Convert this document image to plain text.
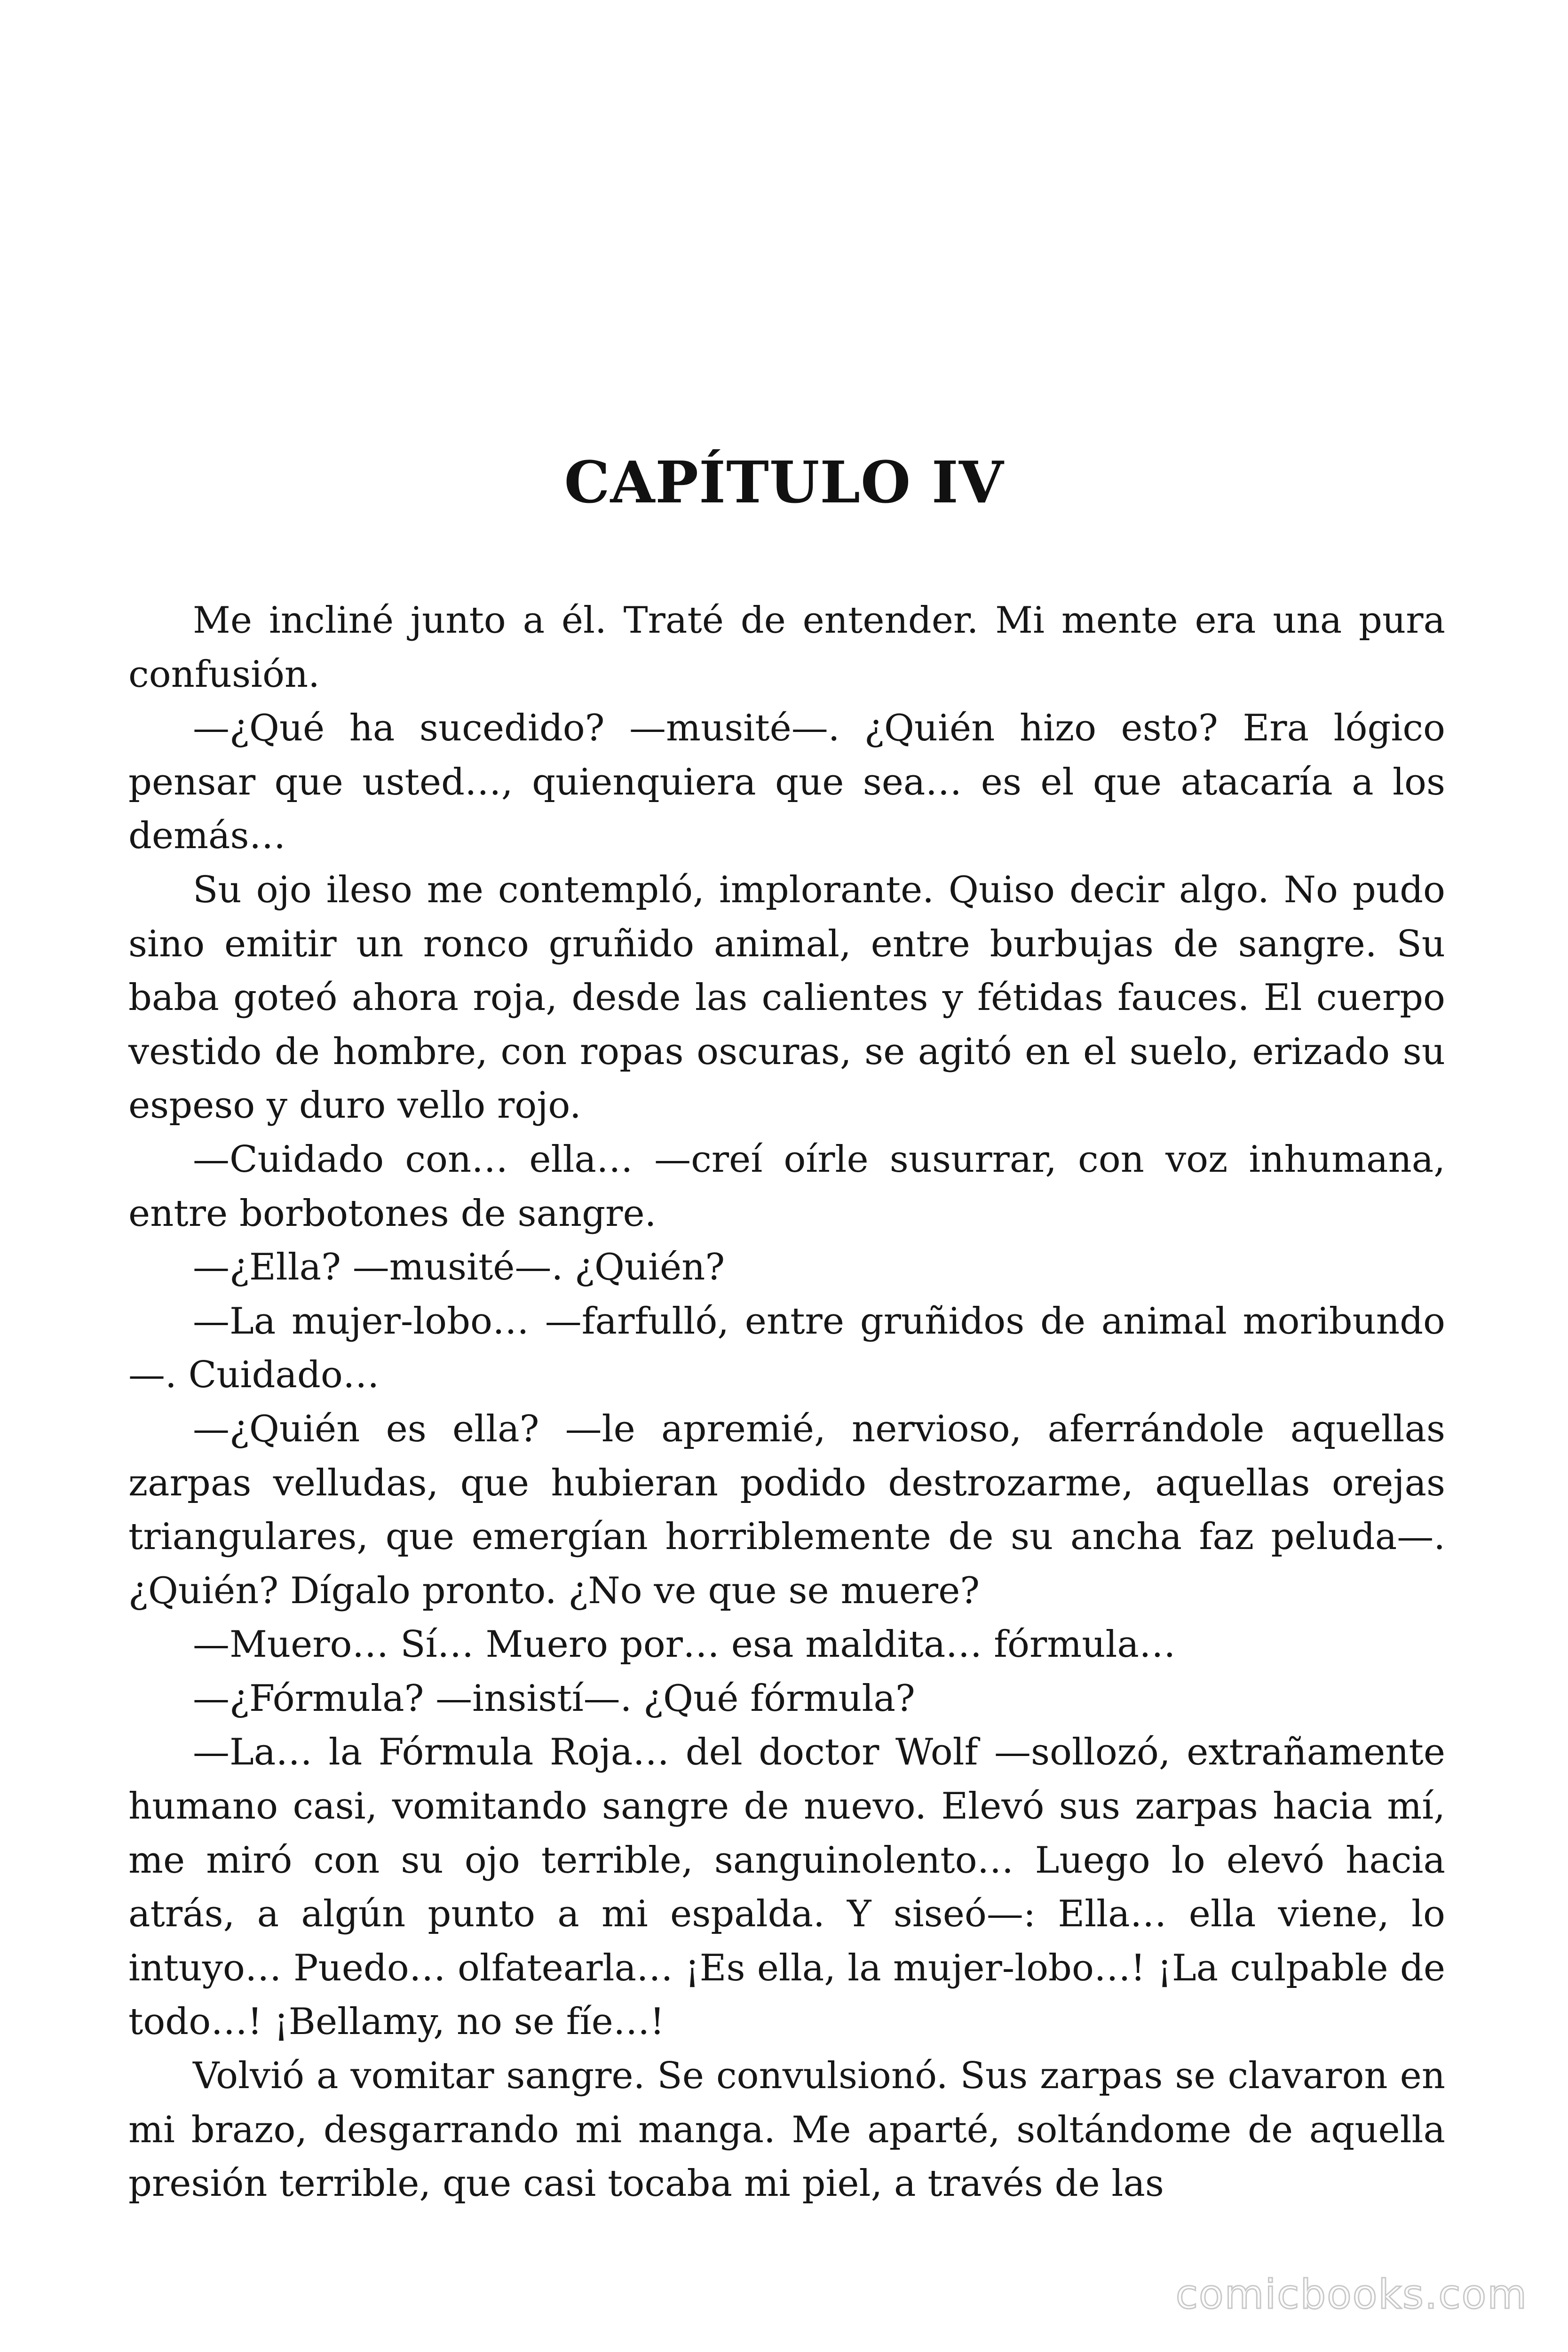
CAPÍTULO IV

Me incliné junto a él. Traté de entender. Mi mente era una pura confusión.

—¿Qué ha sucedido? —musité—. ¿Quién hizo esto? Era lógico pensar que usted…, quienquiera que sea… es el que atacaría a los demás…

Su ojo ileso me contempló, implorante. Quiso decir algo. No pudo sino emitir un ronco gruñido animal, entre burbujas de sangre. Su baba goteó ahora roja, desde las calientes y fétidas fauces. El cuerpo vestido de hombre, con ropas oscuras, se agitó en el suelo, erizado su espeso y duro vello rojo.

—Cuidado con… ella… —creí oírle susurrar, con voz inhumana, entre borbotones de sangre.

—¿Ella? —musité—. ¿Quién?

—La mujer-lobo… —farfulló, entre gruñidos de animal moribundo—. Cuidado…

—¿Quién es ella? —le apremié, nervioso, aferrándole aquellas zarpas velludas, que hubieran podido destrozarme, aquellas orejas triangulares, que emergían horriblemente de su ancha faz peluda—. ¿Quién? Dígalo pronto. ¿No ve que se muere?

—Muero… Sí… Muero por… esa maldita… fórmula…

—¿Fórmula? —insistí—. ¿Qué fórmula?

—La… la Fórmula Roja… del doctor Wolf —sollozó, extrañamente humano casi, vomitando sangre de nuevo. Elevó sus zarpas hacia mí, me miró con su ojo terrible, sanguinolento… Luego lo elevó hacia atrás, a algún punto a mi espalda. Y siseó—: Ella… ella viene, lo intuyo… Puedo… olfatearla… ¡Es ella, la mujer-lobo…! ¡La culpable de todo…! ¡Bellamy, no se fíe…!

Volvió a vomitar sangre. Se convulsionó. Sus zarpas se clavaron en mi brazo, desgarrando mi manga. Me aparté, soltándome de aquella presión terrible, que casi tocaba mi piel, a través de las

comicbooks.com
